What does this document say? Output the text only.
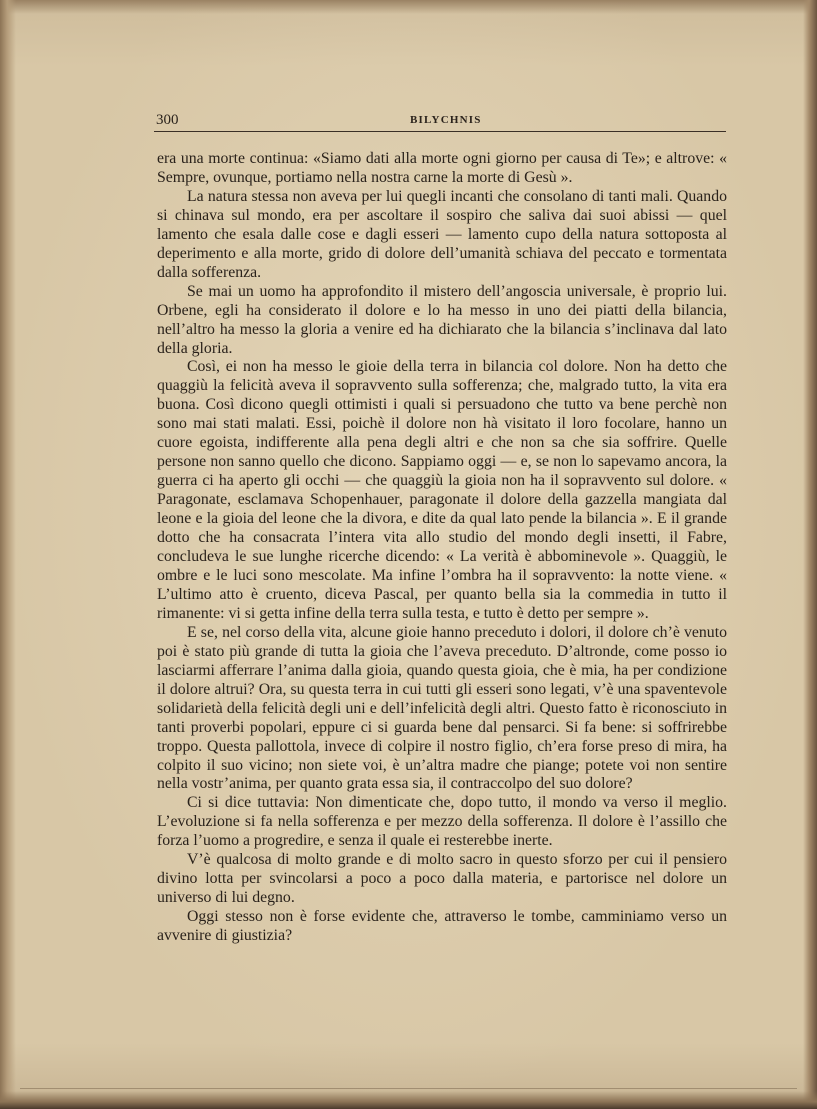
300	BILYCHNIS

era una morte continua: «Siamo dati alla morte ogni giorno per causa di Te»; e altrove: « Sempre, ovunque, portiamo nella nostra carne la morte di Gesù ».

La natura stessa non aveva per lui quegli incanti che consolano di tanti mali. Quando si chinava sul mondo, era per ascoltare il sospiro che saliva dai suoi abissi — quel lamento che esala dalle cose e dagli esseri — lamento cupo della natura sottoposta al deperimento e alla morte, grido di dolore dell’umanità schiava del peccato e tormentata dalla sofferenza.

Se mai un uomo ha approfondito il mistero dell’angoscia universale, è proprio lui. Orbene, egli ha considerato il dolore e lo ha messo in uno dei piatti della bilancia, nell’altro ha messo la gloria a venire ed ha dichiarato che la bilancia s’inclinava dal lato della gloria.

Così, ei non ha messo le gioie della terra in bilancia col dolore. Non ha detto che quaggiù la felicità aveva il sopravvento sulla sofferenza; che, malgrado tutto, la vita era buona. Così dicono quegli ottimisti i quali si persuadono che tutto va bene perchè non sono mai stati malati. Essi, poichè il dolore non hà visitato il loro focolare, hanno un cuore egoista, indifferente alla pena degli altri e che non sa che sia soffrire. Quelle persone non sanno quello che dicono. Sappiamo oggi — e, se non lo sapevamo ancora, la guerra ci ha aperto gli occhi — che quaggiù la gioia non ha il sopravvento sul dolore. « Paragonate, esclamava Schopenhauer, paragonate il dolore della gazzella mangiata dal leone e la gioia del leone che la divora, e dite da qual lato pende la bilancia ». E il grande dotto che ha consacrata l’intera vita allo studio del mondo degli insetti, il Fabre, concludeva le sue lunghe ricerche dicendo: « La verità è abbominevole ». Quaggiù, le ombre e le luci sono mescolate. Ma infine l’ombra ha il sopravvento: la notte viene. « L’ultimo atto è cruento, diceva Pascal, per quanto bella sia la commedia in tutto il rimanente: vi si getta infine della terra sulla testa, e tutto è detto per sempre ».

E se, nel corso della vita, alcune gioie hanno preceduto i dolori, il dolore ch’è venuto poi è stato più grande di tutta la gioia che l’aveva preceduto. D’altronde, come posso io lasciarmi afferrare l’anima dalla gioia, quando questa gioia, che è mia, ha per condizione il dolore altrui? Ora, su questa terra in cui tutti gli esseri sono legati, v’è una spaventevole solidarietà della felicità degli uni e dell’infelicità degli altri. Questo fatto è riconosciuto in tanti proverbi popolari, eppure ci si guarda bene dal pensarci. Si fa bene: si soffrirebbe troppo. Questa pallottola, invece di colpire il nostro figlio, ch’era forse preso di mira, ha colpito il suo vicino; non siete voi, è un’altra madre che piange; potete voi non sentire nella vostr’anima, per quanto grata essa sia, il contraccolpo del suo dolore?

Ci si dice tuttavia: Non dimenticate che, dopo tutto, il mondo va verso il meglio. L’evoluzione si fa nella sofferenza e per mezzo della sofferenza. Il dolore è l’assillo che forza l’uomo a progredire, e senza il quale ei resterebbe inerte.

V’è qualcosa di molto grande e di molto sacro in questo sforzo per cui il pensiero divino lotta per svincolarsi a poco a poco dalla materia, e partorisce nel dolore un universo di lui degno.

Oggi stesso non è forse evidente che, attraverso le tombe, camminiamo verso un avvenire di giustizia?
